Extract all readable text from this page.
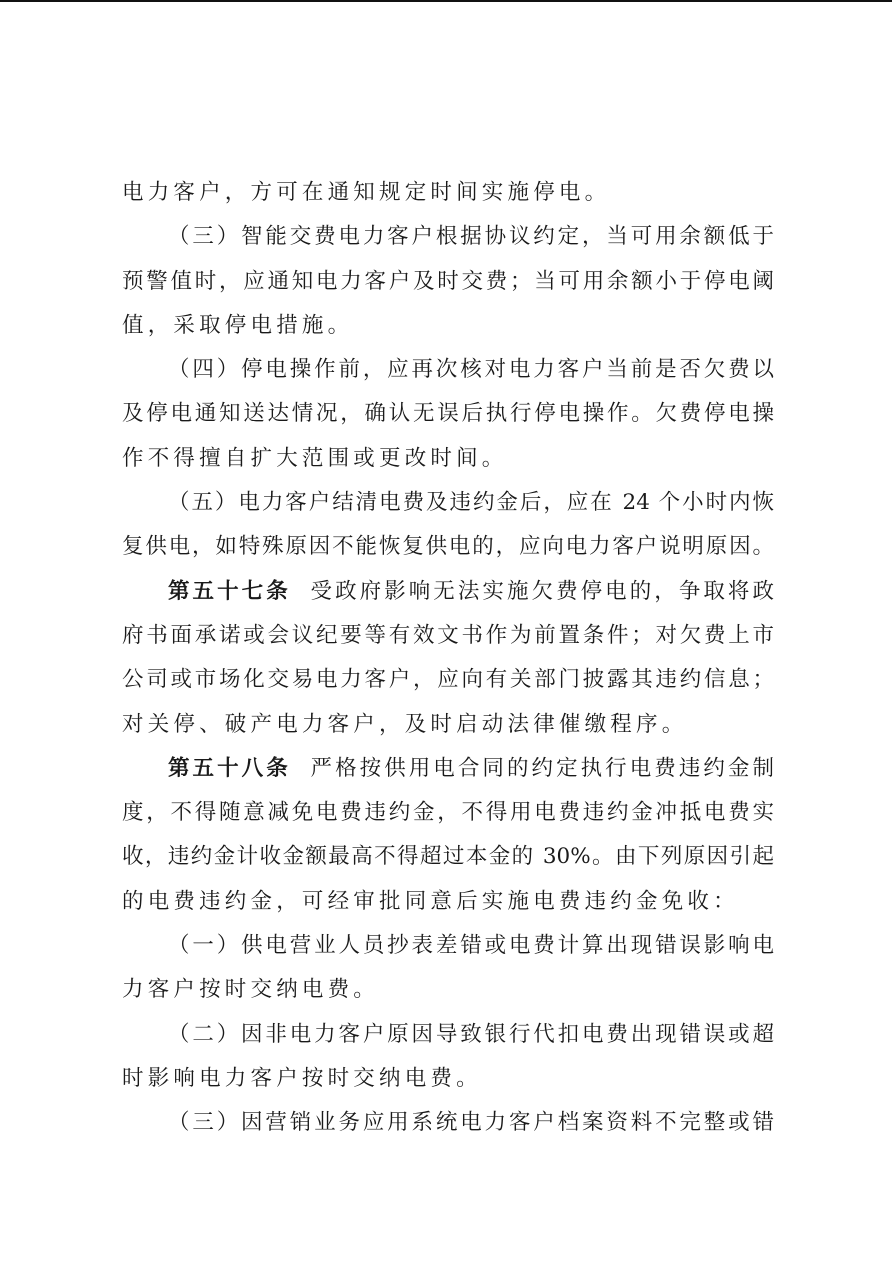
电力客户，方可在通知规定时间实施停电。
（三）智能交费电力客户根据协议约定，当可用余额低于
预警值时，应通知电力客户及时交费；当可用余额小于停电阈
值，采取停电措施。
（四）停电操作前，应再次核对电力客户当前是否欠费以
及停电通知送达情况，确认无误后执行停电操作。欠费停电操
作不得擅自扩大范围或更改时间。
（五）电力客户结清电费及违约金后，应在 24 个小时内恢
复供电，如特殊原因不能恢复供电的，应向电力客户说明原因。
第五十七条 受政府影响无法实施欠费停电的，争取将政
府书面承诺或会议纪要等有效文书作为前置条件；对欠费上市
公司或市场化交易电力客户，应向有关部门披露其违约信息；
对关停、破产电力客户，及时启动法律催缴程序。
第五十八条 严格按供用电合同的约定执行电费违约金制
度，不得随意减免电费违约金，不得用电费违约金冲抵电费实
收，违约金计收金额最高不得超过本金的 30%。由下列原因引起
的电费违约金，可经审批同意后实施电费违约金免收：
（一）供电营业人员抄表差错或电费计算出现错误影响电
力客户按时交纳电费。
（二）因非电力客户原因导致银行代扣电费出现错误或超
时影响电力客户按时交纳电费。
（三）因营销业务应用系统电力客户档案资料不完整或错
